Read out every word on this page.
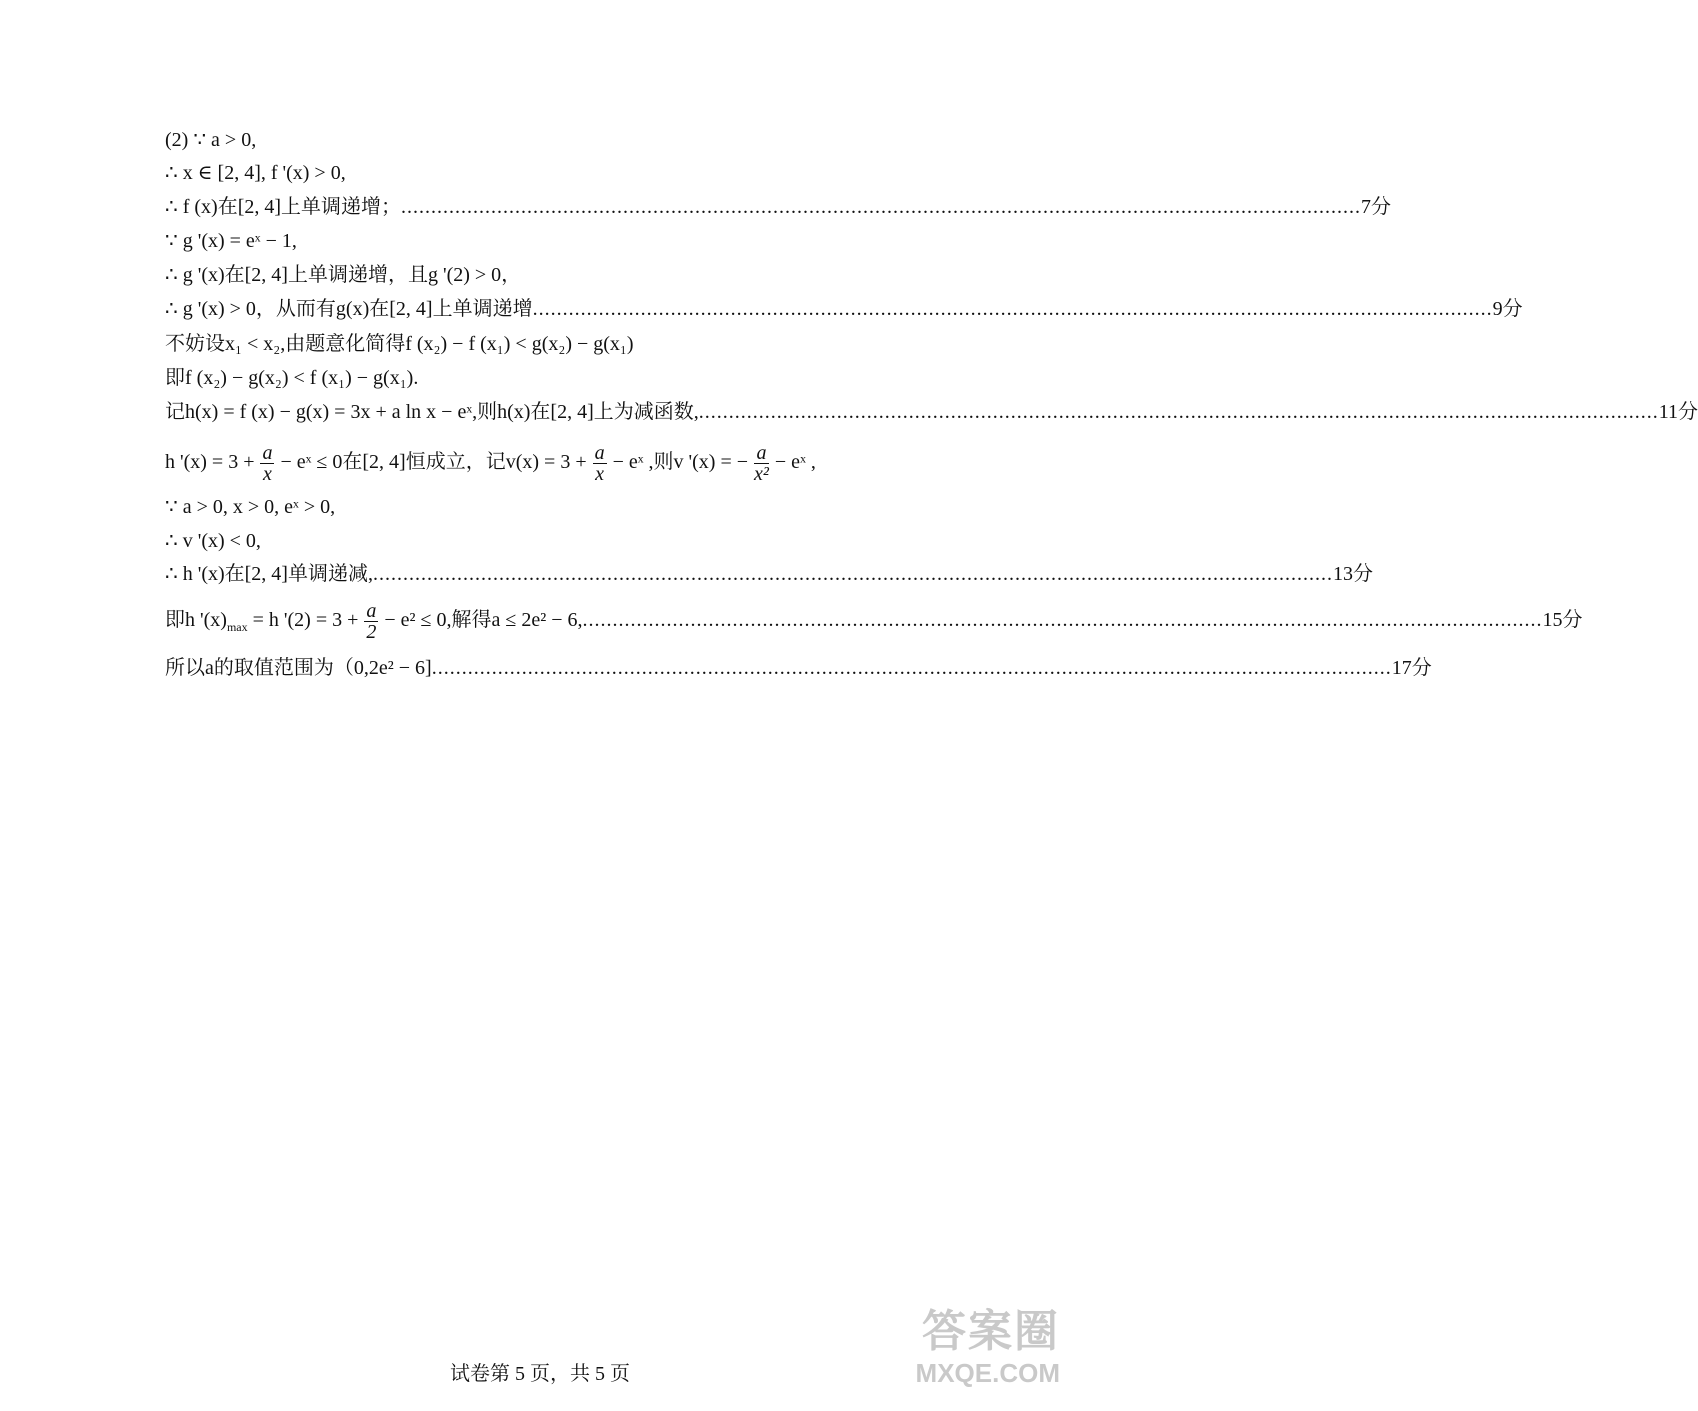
(2) ∵ a > 0,
∴ x ∈ [2, 4], f '(x) > 0,
∴ f (x)在[2, 4]上单调递增； ................................................................................................................................................................ 7分
∵ g '(x) = eˣ − 1,
∴ g '(x)在[2, 4]上单调递增，且g '(2) > 0，
∴ g '(x) > 0，从而有g(x)在[2, 4]上单调递增 ................................................................................................................................................................ 9分
不妨设x₁ < x₂,由题意化简得f (x₂) − f (x₁) < g(x₂) − g(x₁)
即f (x₂) − g(x₂) < f (x₁) − g(x₁).
记h(x) = f (x) − g(x) = 3x + a ln x − eˣ,则h(x)在[2, 4]上为减函数, ................................................................................................................................................................ 11分
h '$(x) = 3 + \frac{a}{x}$ − eˣ ≤ 0在[2, 4]恒成立，记$v(x) = 3 + \frac{a}{x}$ − eˣ ,则v '(x) = − $\frac{a}{\text{x²}}$ − eˣ ,
∵ a > 0, x > 0, eˣ > 0,
∴ v '(x) < 0,
∴ h '(x)在[2, 4]单调递减, ................................................................................................................................................................ 13分
即h '$(x)_{max} = h$ '$(2) = 3 + \frac{a}{2} - e^2 \le 0$,解得a ≤ 2e² − 6, ................................................................................................................................................................ 15分
所以a的取值范围为（0,2e² − 6] ................................................................................................................................................................ 17分
试卷第 5 页，共 5 页
答案圈
MXQE.COM
